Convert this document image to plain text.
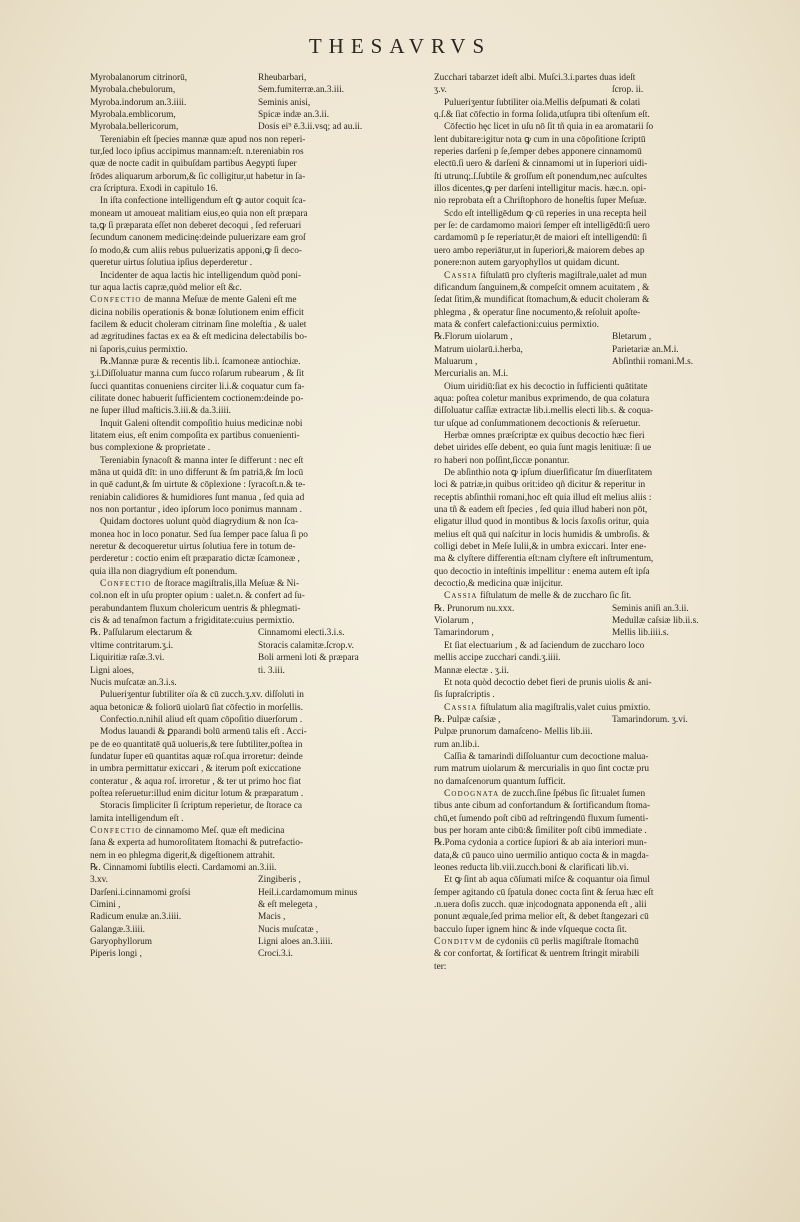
THESAVRVS
Myrobalanorum citrinorū,	Rheubarbari,
Myrobala.chebulorum,	Sem.fumiterræ.an.3.iii.
Myroba.indorum an.3.iiii.	Seminis anisi,
Myrobala.emblicorum,	Spicæ indæ an.3.ii.
Myrobala.bellericorum,	Dosis ei⁹ ē.3.ii.vsq; ad au.ii.
Tereniabin eſt ſpecies mannæ quæ apud nos non reperi-
tur,ſed loco ipſius accipimus mannam:eſt. n.tereniabin ros
quæ de nocte cadit in quibuſdam partibus Aegypti ſuper
ſrōdes aliquarum arborum,& ſic colligitur,ut habetur in ſa-
cra ſcriptura. Exodi in capitulo 16.
In iſta confectione intelligendum eſt ꝙ autor coquit ſca-
moneam ut amoueat malitiam eius,eo quia non eſt præpara
ta,ꝙ ſi præparata eſſet non deberet decoqui , ſed referuari
ſecundum canonem medicinę:deinde puluerizare eam groſ
ſo modo,& cum aliis rebus puluerizatis apponi,ꝙ ſi deco-
queretur uirtus ſolutiua ipſius deperderetur .
Incidenter de aqua lactis hic intelligendum quòd poni-
tur aqua lactis capræ,quòd melior eſt &c.
Confectio de manna Meſuæ de mente Galeni eſt me
dicina nobilis operationis & bonæ ſolutionem enim efficit
facilem & educit choleram citrinam ſine moleſtia , & ualet
ad ægritudines factas ex ea & eſt medicina delectabilis bo-
ni ſaporis,cuius permixtio.
℞.Mannæ puræ & recentis lib.i. ſcamoneæ antiochiæ.
ʒ.i.Diſſoluatur manna cum ſucco roſarum rubearum , & ſit
ſucci quantitas conueniens circiter li.i.& coquatur cum fa-
cilitate donec habuerit ſufficientem coctionem:deinde po-
ne ſuper illud maſticis.3.iii.& da.3.iiii.
Inquit Galeni oſtendit compoſitio huius medicinæ nobi
litatem eius, eſt enim compoſita ex partibus conuenienti-
bus complexione & proprietate .
Tereniabin ſynacoſt & manna inter ſe differunt : nec eſt
māna ut quidā dīt: in uno differunt & ſm patriā,& ſm locū
in quē cadunt,& ſm uirtute & cōplexione : ſyracoſt.n.& te-
reniabin calidiores & humidiores ſunt manua , ſed quia ad
nos non portantur , ideo ipſorum loco ponimus mannam .
Quidam doctores uolunt quòd diagrydium & non ſca-
monea hoc in loco ponatur. Sed ſua ſemper pace ſalua ſi po
neretur & decoqueretur uirtus ſolutiua fere in totum de-
perderetur : coctio enim eſt præparatio dictæ ſcamoneæ ,
quia illa non diagrydium eſt ponendum.
Confectio de ſtorace magiſtralis,illa Meſuæ & Ni-
col.non eſt in uſu propter opium : ualet.n. & confert ad ſu-
perabundantem fluxum cholericum uentris & phlegmati-
cis & ad tenaſmon factum a frigiditate:cuius permixtio.
℞. Paſſularum electarum &	Cinnamomi electi.3.i.s.
vltime contritarum.ʒ.i.	Storacis calamitæ.ſcrop.v.
Liquiritiæ raſæ.3.vi.	Boli armeni loti & præpara
Ligni aloes,	ti. 3.iii.
Nucis muſcatæ an.3.i.s.
Pulueriʒentur ſubtiliter oïa & cū zucch.ʒ.xv. diſſoluti in
aqua betonicæ & foliorū uiolarū ſiat cōfectio in morſellis.
Confectio.n.nihil aliud eſt quam cōpoſitio diuerſorum .
Modus lauandi & ꝑparandi bolū armenū talis eſt . Acci-
pe de eo quantitatē quā uolueris,& tere ſubtiliter,poſtea in
ſundatur ſuper eū quantitas aquæ roſ.qua irroretur: deinde
in umbra permittatur exiccari , & iterum poſt exiccatione
conteratur , & aqua roſ. irroretur , & ter ut primo hoc fiat
poſtea reſeruetur:illud enim dicitur lotum & præparatum .
Storacis ſimpliciter ſi ſcriptum reperietur, de ſtorace ca
lamita intelligendum eſt .
Confectio de cinnamomo Meſ. quæ eſt medicina
ſana & experta ad humoroſitatem ſtomachi & putrefactio-
nem in eo phlegma digerit,& digeſtionem attrahit.
℞. Cinnamomi ſubtilis electi. Cardamomi an.3.iii.
3.xv.	Zingiberis ,
Darſeni.i.cinnamomi groſsi	Heil.i.cardamomum minus
Cimini ,	& eſt melegeta ,
Radicum enulæ an.3.iiii.	Macis ,
Galangæ.3.iiii.	Nucis muſcatæ ,
Garyophyllorum	Ligni aloes an.3.iiii.
Piperis longi ,	Croci.3.i.
Zucchari tabarzet ideſt albi. Muſci.3.i.partes duas ideſt
ʒ.v.	ſcrop. ii.
Pulueriʒentur ſubtiliter oia.Mellis deſpumati & colati
q.ſ.& ſiat cōfectio in forma ſolida,utſupra tibi oſtenſum eſt.
Cōfectio hęc licet in uſu nō ſit tñ quia in ea aromatarii ſo
lent dubitare:igitur nota ꝙ cum in una cōpoſitione ſcriptū
reperies darſeni p ſe,ſemper debes apponere cinnamomū
electū.ſi uero & darſeni & cinnamomi ut in ſuperiori uidi-
ſti utrunq;.ſ.ſubtile & groſſum eſt ponendum,nec auſcultes
illos dicentes,ꝙ per darſeni intelligitur macis. hæc.n. opi-
nio reprobata eſt a Chriſtophoro de honeſtis ſuper Meſuæ.
Scdo eſt intelligēdum ꝙ cū reperies in una recepta heil
per ſe: de cardamomo maiori ſemper eſt intelligēdū:ſi uero
cardamomū p ſe reperiatur,ēt de maiori eſt intelligendū: ſi
uero ambo reperiātur,ut in ſuperiori,& maiorem debes ap
ponere:non autem garyophyllos ut quidam dicunt.
Cassia fiſtulatū pro clyſteris magiſtrale,ualet ad mun
dificandum ſanguinem,& compeſcit omnem acuitatem , &
ſedat ſitim,& mundificat ſtomachum,& educit choleram &
phlegma , & operatur ſine nocumento,& reſoluit apoſte-
mata & confert calefactioni:cuius permixtio.
℞.Florum uiolarum ,	Bletarum ,
Matrum uiolarū.i.herba,	Parietariæ an.M.i.
Maluarum ,	Abſinthii romani.M.s.
Mercurialis an. M.i.
Oium uiridiū:ſiat ex his decoctio in ſufficienti quātitate
aqua: poſtea coletur manibus exprimendo, de qua colatura
diſſoluatur caſſiæ extractæ lib.i.mellis electi lib.s. & coqua-
tur uſque ad conſummationem decoctionis & reſeruetur.
Herbæ omnes præſcriptæ ex quibus decoctio hæc fieri
debet uirides eſſe debent, eo quia ſunt magis lenitiuæ: ſi ue
ro haberi non poſſint,ſiccæ ponantur.
De abſinthio nota ꝙ ipſum diuerſificatur ſm diuerſitatem
loci & patriæ,in quibus orit:ideo qñ dicitur & reperitur in
receptis abſinthii romani,hoc eſt quia illud eſt melius aliis :
una tñ & eadem eſt ſpecies , ſed quia illud haberi non pōt,
eligatur illud quod in montibus & locis ſaxoſis oritur, quia
melius eſt quā qui naſcitur in locis humidis & umbroſis. &
colligi debet in Meſe Iulii,& in umbra exiccari. Inter ene-
ma & clyſtere differentia eſt:nam clyſtere eſt inſtrumentum,
quo decoctio in inteſtinis impellitur : enema autem eſt ipſa
decoctio,& medicina quæ inijcitur.
Cassia fiſtulatum de melle & de zuccharo ſic ſit.
℞. Prunorum nu.xxx.	Seminis aniſi an.3.ii.
Violarum ,	Medullæ caſsiæ lib.ii.s.
Tamarindorum ,	Mellis lib.iiii.s.
Et ſiat electuarium , & ad ſaciendum de zuccharo loco
mellis accipe zucchari candi.ʒ.iiii.
Mannæ electæ . ʒ.ii.
Et nota quòd decoctio debet fieri de prunis uiolis & ani-
ſis ſupraſcriptis .
Cassia fiſtulatum alia magiſtralis,valet cuius pmixtio.
℞. Pulpæ caſsiæ ,	Tamarindorum. ʒ.vi.
Pulpæ prunorum damaſceno- Mellis lib.iii.
rum an.lib.i.
Caſſia & tamarindi diſſoluantur cum decoctione malua-
rum matrum uiolarum & mercurialis in quo ſint coctæ pru
no damaſcenorum quantum ſufficit.
Codognata de zucch.ſine ſpébus ſic ſit:ualet ſumen
tibus ante cibum ad confortandum & ſortificandum ſtoma-
chū,et ſumendo poſt cibū ad reſtringendū fluxum ſumenti-
bus per horam ante cibū:& ſimiliter poſt cibū immediate .
℞.Poma cydonia a cortice ſupiori & ab aia interiori mun-
data,& cū pauco uino uermilio antiquo cocta & in magda-
leones reducta lib.viii.zucch.boni & clarificati lib.vi.
Et ꝙ ſint ab aqua cōſumati miſce & coquantur oia ſimul
ſemper agitando cū ſpatula donec cocta ſint & ſerua hæc eſt
.n.uera doſis zucch. quæ in|codognata apponenda eſt , alii
ponunt æquale,ſed prima melior eſt, & debet ſtangezari cū
bacculo ſuper ignem hinc & inde vſqueque cocta ſit.
Conditvm de cydoniis cū perlis magiſtrale ſtomachū
& cor confortat, & ſortificat & uentrem ſtringit mirabili
ter:
